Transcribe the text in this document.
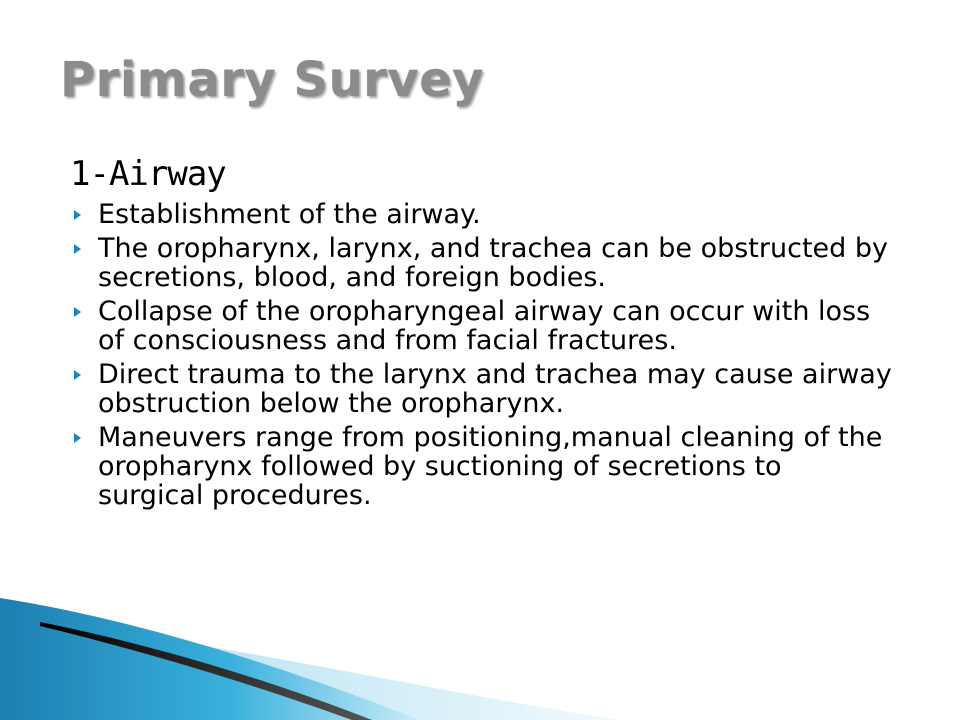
Primary Survey
1-Airway
Establishment of the airway.
The oropharynx, larynx, and trachea can be obstructed by secretions, blood, and foreign bodies.
Collapse of the oropharyngeal airway can occur with loss of consciousness and from facial fractures.
Direct trauma to the larynx and trachea may cause airway obstruction below the oropharynx.
Maneuvers range from positioning,manual cleaning of the oropharynx followed by suctioning of secretions to surgical procedures.
